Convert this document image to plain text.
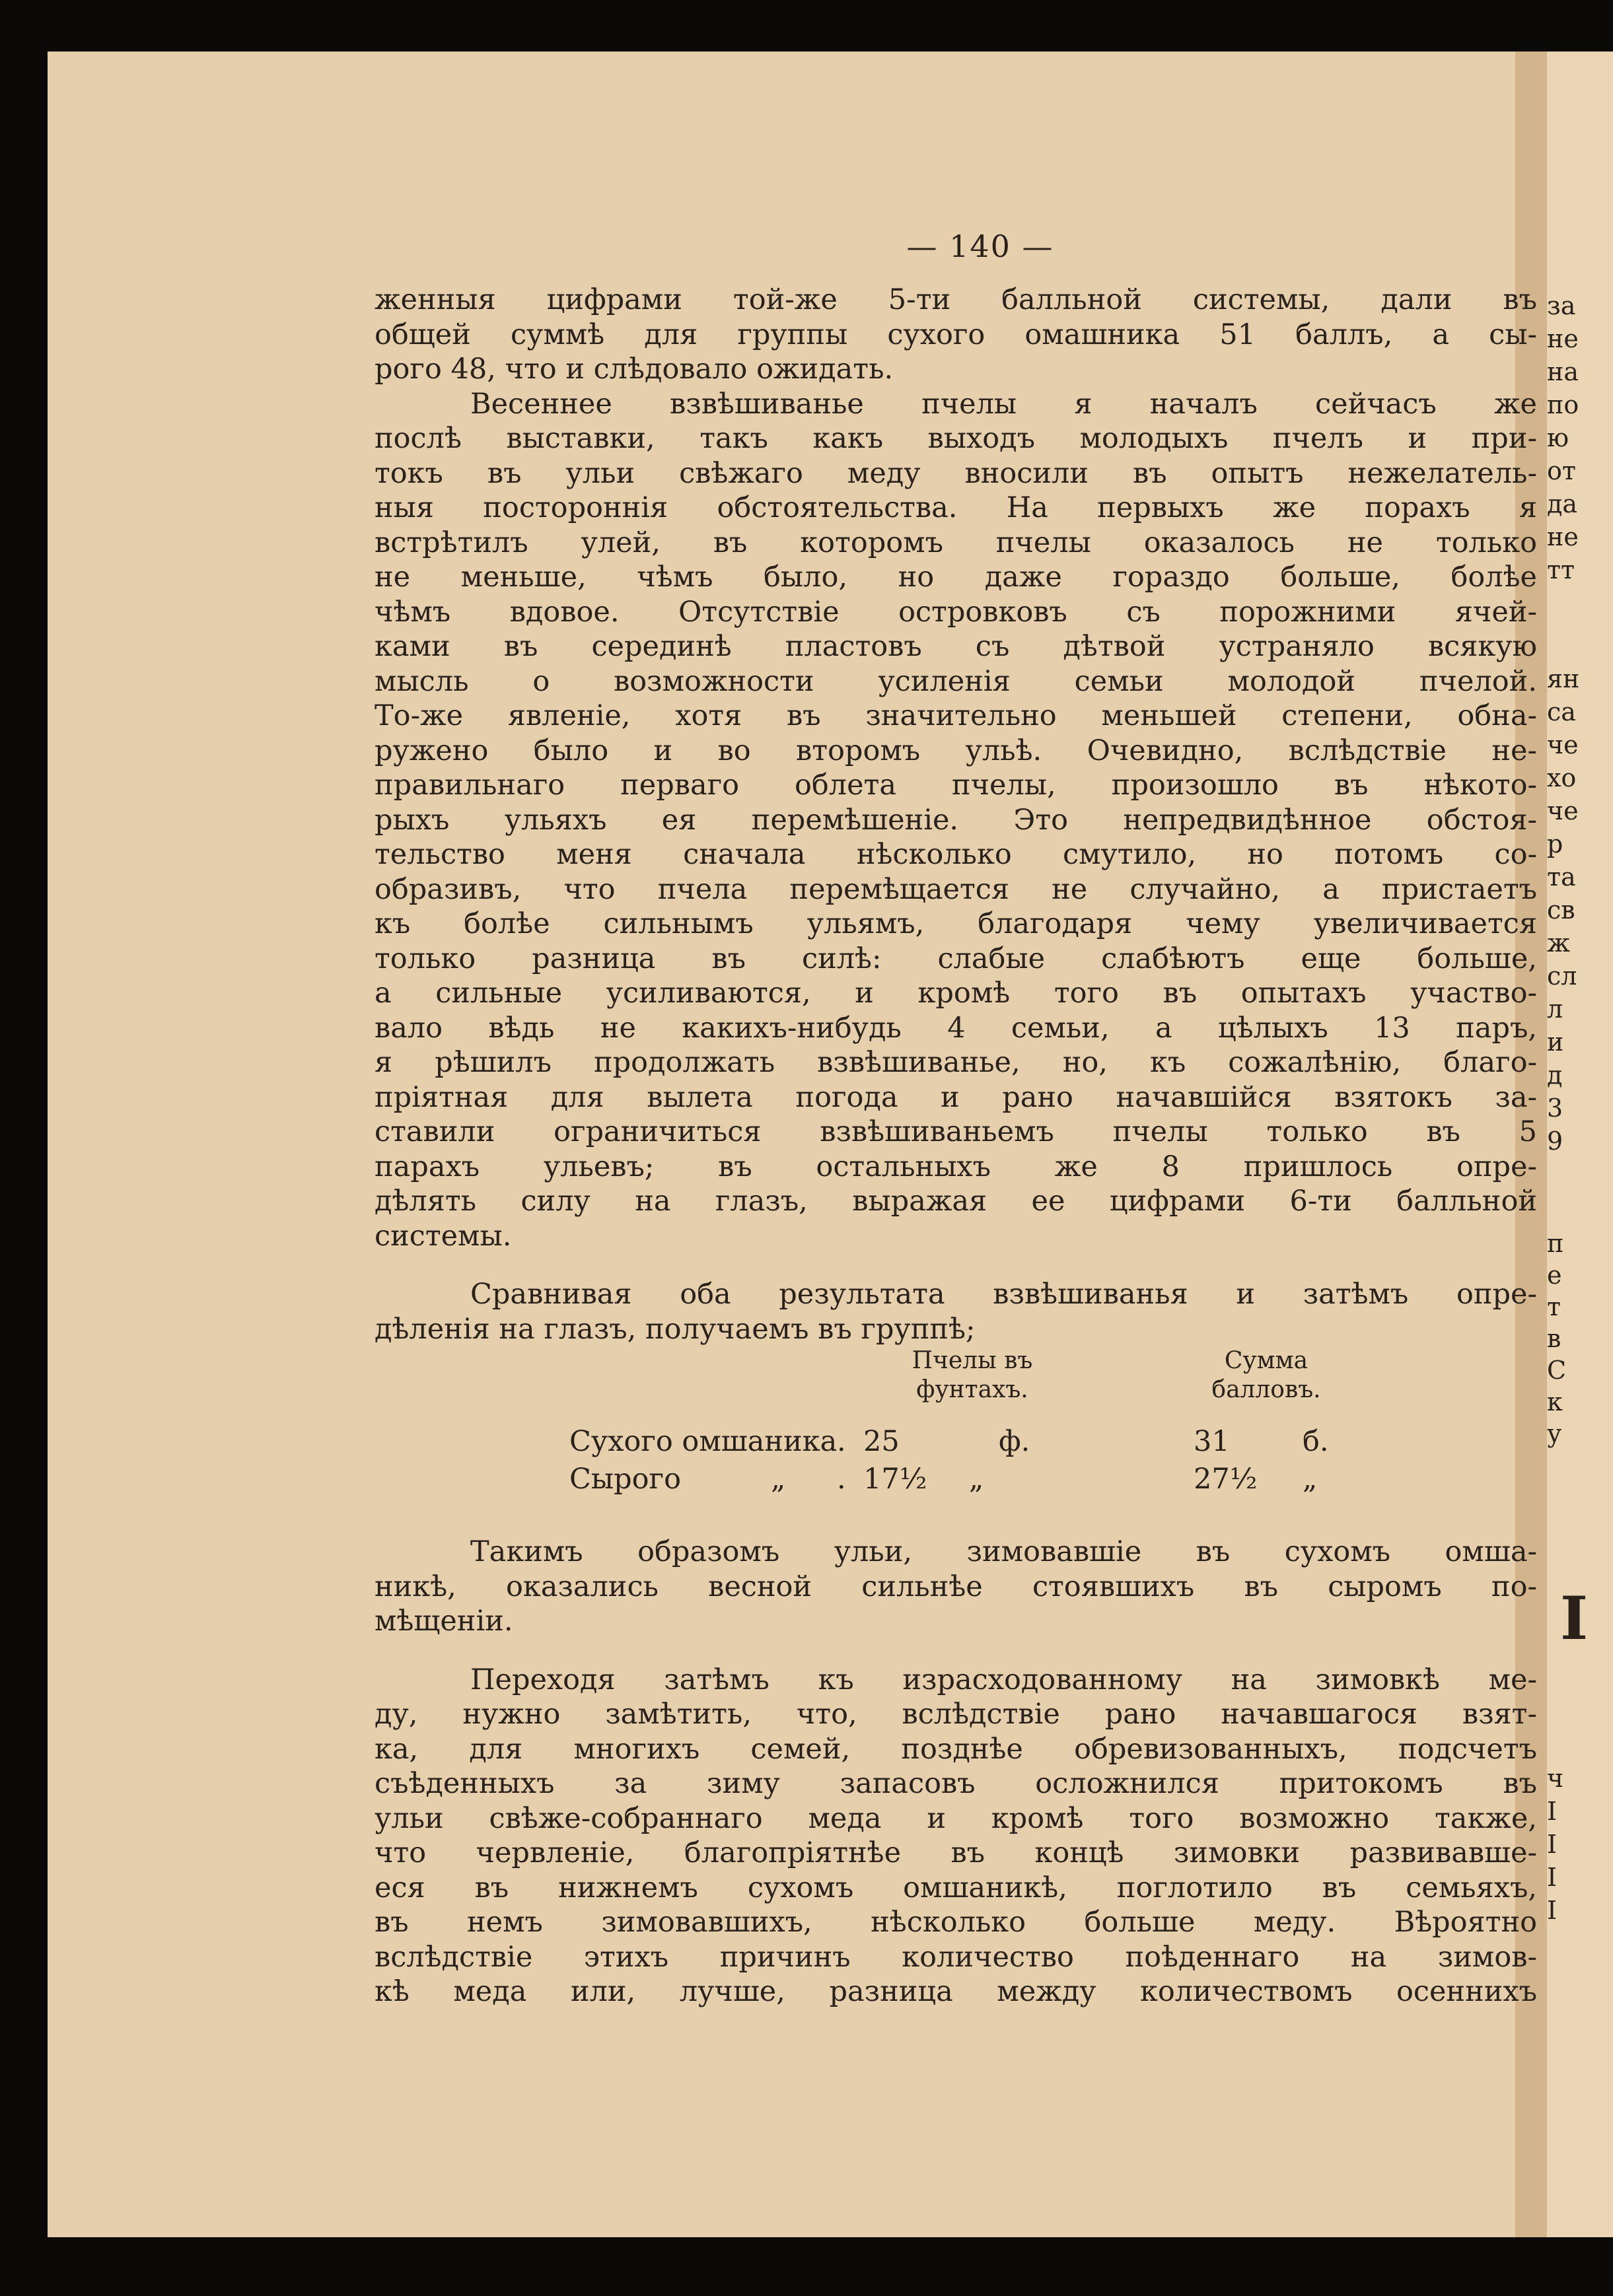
— 140 —
женныя цифрами той-же 5-ти балльной системы, дали въ
общей суммѣ для группы сухого омашника 51 баллъ, а сы-
рого 48, что и слѣдовало ожидать.
Весеннее взвѣшиванье пчелы я началъ сейчасъ же
послѣ выставки, такъ какъ выходъ молодыхъ пчелъ и при-
токъ въ ульи свѣжаго меду вносили въ опытъ нежелатель-
ныя постороннія обстоятельства. На первыхъ же порахъ я
встрѣтилъ улей, въ которомъ пчелы оказалось не только
не меньше, чѣмъ было, но даже гораздо больше, болѣе
чѣмъ вдовое. Отсутствіе островковъ съ порожними ячей-
ками въ серединѣ пластовъ съ дѣтвой устраняло всякую
мысль о возможности усиленія семьи молодой пчелой.
То-же явленіе, хотя въ значительно меньшей степени, обна-
ружено было и во второмъ ульѣ. Очевидно, вслѣдствіе не-
правильнаго перваго облета пчелы, произошло въ нѣкото-
рыхъ ульяхъ ея перемѣшеніе. Это непредвидѣнное обстоя-
тельство меня сначала нѣсколько смутило, но потомъ со-
образивъ, что пчела перемѣщается не случайно, а пристаетъ
къ болѣе сильнымъ ульямъ, благодаря чему увеличивается
только разница въ силѣ: слабые слабѣютъ еще больше,
а сильные усиливаются, и кромѣ того въ опытахъ участво-
вало вѣдь не какихъ-нибудь 4 семьи, а цѣлыхъ 13 паръ,
я рѣшилъ продолжать взвѣшиванье, но, къ сожалѣнію, благо-
пріятная для вылета погода и рано начавшійся взятокъ за-
ставили ограничиться взвѣшиваньемъ пчелы только въ 5
парахъ ульевъ; въ остальныхъ же 8 пришлось опре-
дѣлять силу на глазъ, выражая ее цифрами 6-ти балльной
системы.
Сравнивая оба результата взвѣшиванья и затѣмъ опре-
дѣленія на глазъ, получаемъ въ группѣ;
Пчелы въ
фунтахъ.
Сумма
балловъ.
Сухого омшаника . 25	ф.	31	б.
Сырого	„ . 17½ „	27½ „
Такимъ образомъ ульи, зимовавшіе въ сухомъ омша-
никѣ, оказались весной сильнѣе стоявшихъ въ сыромъ по-
мѣщеніи.
Переходя затѣмъ къ израсходованному на зимовкѣ ме-
ду, нужно замѣтить, что, вслѣдствіе рано начавшагося взят-
ка, для многихъ семей, позднѣе обревизованныхъ, подсчетъ
съѣденныхъ за зиму запасовъ осложнился притокомъ въ
ульи свѣже-собраннаго меда и кромѣ того возможно также,
что червленіе, благопріятнѣе въ концѣ зимовки развивавше-
еся въ нижнемъ сухомъ омшаникѣ, поглотило въ семьяхъ,
въ немъ зимовавшихъ, нѣсколько больше меду. Вѣроятно
вслѣдствіе этихъ причинъ количество поѣденнаго на зимов-
кѣ меда или, лучше, разница между количествомъ осеннихъ
за
не
на
по
ю
от
да
не
тт
ян
са
че
хо
че
р
та
св
ж
сл
л
и
д
3
9
п
е
т
в
С
к
у
ч
I
I
I
I
I
